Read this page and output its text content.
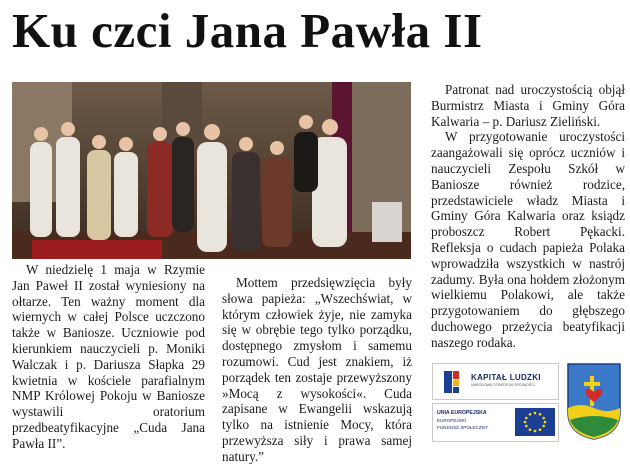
Ku czci Jana Pawła II

W niedzielę 1 maja w Rzymie Jan Paweł II został wyniesiony na ołtarze. Ten ważny moment dla wiernych w całej Polsce uczczono także w Baniosze. Uczniowie pod kierunkiem nauczycieli p. Moniki Walczak i p. Dariusza Słapka 29 kwietnia w kościele parafialnym NMP Królowej Pokoju w Baniosze wystawili oratorium przedbeatyfikacyjne „Cuda Jana Pawła II”.

Mottem przedsięwzięcia były słowa papieża: „Wszechświat, w którym człowiek żyje, nie zamyka się w obrębie tego tylko porządku, dostępnego zmysłom i samemu rozumowi. Cud jest znakiem, iż porządek ten zostaje przewyższony »Mocą z wysokości«. Cuda zapisane w Ewangelii wskazują tylko na istnienie Mocy, która przewyższa siły i prawa samej natury.”

Patronat nad uroczystością objął Burmistrz Miasta i Gminy Góra Kalwaria – p. Dariusz Zieliński.

W przygotowanie uroczystości zaangażowali się oprócz uczniów i nauczycieli Zespołu Szkół w Baniosze również rodzice, przedstawiciele władz Miasta i Gminy Góra Kalwaria oraz ksiądz proboszcz Robert Pękacki. Refleksja o cudach papieża Polaka wprowadziła wszystkich w nastrój zadumy. Była ona hołdem złożonym wielkiemu Polakowi, ale także przygotowaniem do głębszego duchowego przeżycia beatyfikacji naszego rodaka.

KAPITAŁ LUDZKI
NARODOWA STRATEGIA SPÓJNOŚCI
UNIA EUROPEJSKA
EUROPEJSKI
FUNDUSZ SPOŁECZNY
